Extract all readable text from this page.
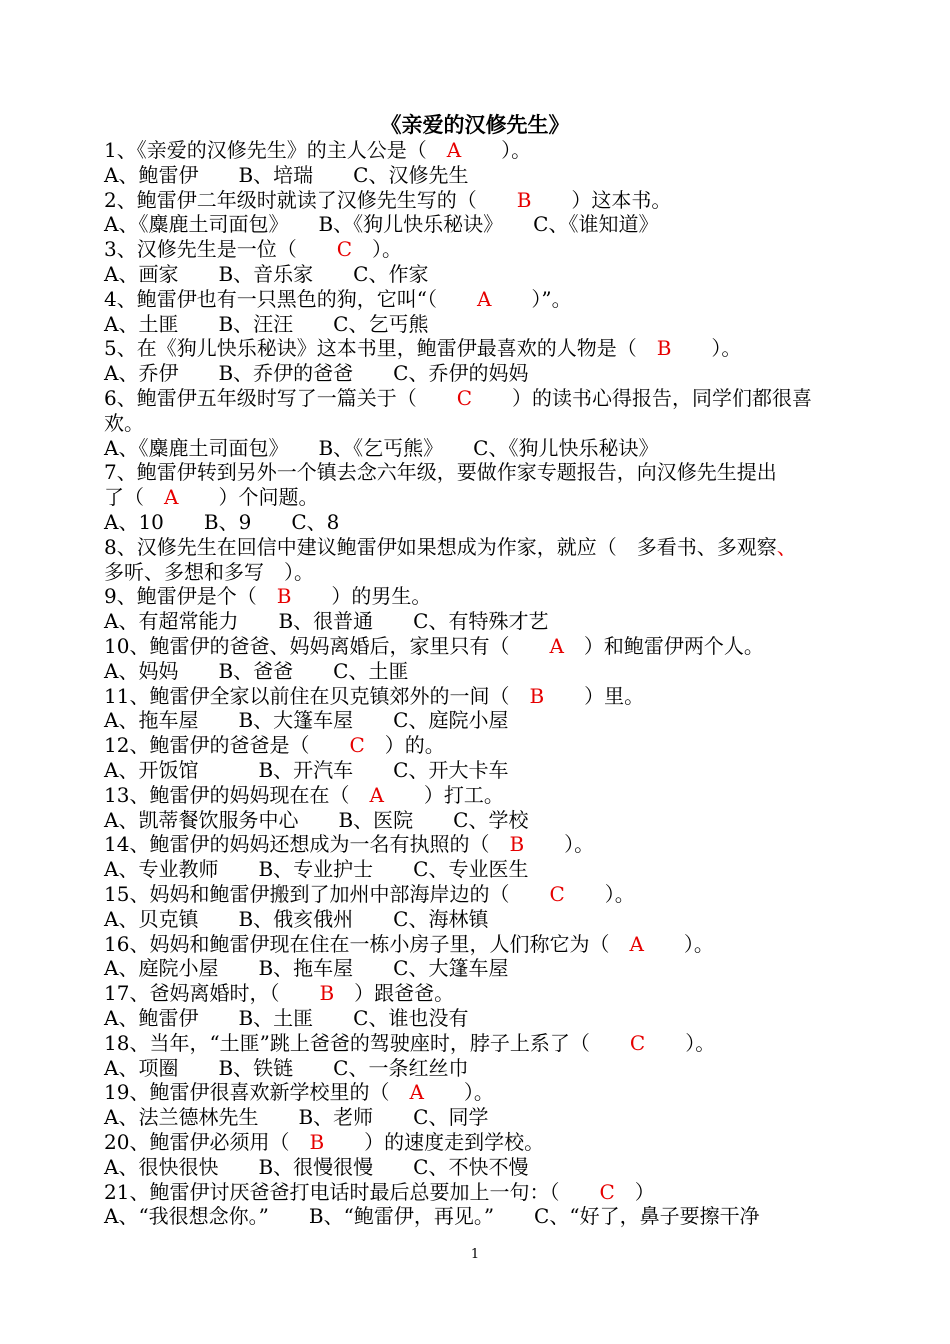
《亲爱的汉修先生》
1、《亲爱的汉修先生》的主人公是（　A　　）。
A、鲍雷伊　　B、培瑞　　C、汉修先生
2、鲍雷伊二年级时就读了汉修先生写的（　　B　　）这本书。
A、《麋鹿土司面包》　　B、《狗儿快乐秘诀》　　C、《谁知道》
3、汉修先生是一位（　　C　）。
A、画家　　B、音乐家　　C、作家
4、鲍雷伊也有一只黑色的狗，它叫“（　　A　　）”。
A、土匪　　B、汪汪　　C、乞丐熊
5、在《狗儿快乐秘诀》这本书里，鲍雷伊最喜欢的人物是（　B　　）。
A、乔伊　　B、乔伊的爸爸　　C、乔伊的妈妈
6、鲍雷伊五年级时写了一篇关于（　　C　　）的读书心得报告，同学们都很喜
欢。
A、《麋鹿土司面包》　　B、《乞丐熊》　　C、《狗儿快乐秘诀》
7、鲍雷伊转到另外一个镇去念六年级，要做作家专题报告，向汉修先生提出
了（　A　　）个问题。
A、10　　B、9　　C、8
8、汉修先生在回信中建议鲍雷伊如果想成为作家，就应（　多看书、多观察、
多听、多想和多写　）。
9、鲍雷伊是个（　B　　）的男生。
A、有超常能力　　B、很普通　　C、有特殊才艺
10、鲍雷伊的爸爸、妈妈离婚后，家里只有（　　A　）和鲍雷伊两个人。
A、妈妈　　B、爸爸　　C、土匪
11、鲍雷伊全家以前住在贝克镇郊外的一间（　B　　）里。
A、拖车屋　　B、大篷车屋　　C、庭院小屋
12、鲍雷伊的爸爸是（　　C　）的。
A、开饭馆　　　B、开汽车　　C、开大卡车
13、鲍雷伊的妈妈现在在（　A　　）打工。
A、凯蒂餐饮服务中心　　B、医院　　C、学校
14、鲍雷伊的妈妈还想成为一名有执照的（　B　　）。
A、专业教师　　B、专业护士　　C、专业医生
15、妈妈和鲍雷伊搬到了加州中部海岸边的（　　C　　）。
A、贝克镇　　B、俄亥俄州　　C、海林镇
16、妈妈和鲍雷伊现在住在一栋小房子里，人们称它为（　A　　）。
A、庭院小屋　　B、拖车屋　　C、大篷车屋
17、爸妈离婚时，（　　B　）跟爸爸。
A、鲍雷伊　　B、土匪　　C、谁也没有
18、当年，“土匪”跳上爸爸的驾驶座时，脖子上系了（　　C　　）。
A、项圈　　B、铁链　　C、一条红丝巾
19、鲍雷伊很喜欢新学校里的（　A　　）。
A、法兰德林先生　　B、老师　　C、同学
20、鲍雷伊必须用（　B　　）的速度走到学校。
A、很快很快　　B、很慢很慢　　C、不快不慢
21、鲍雷伊讨厌爸爸打电话时最后总要加上一句：（　　C　）
A、“我很想念你。”　　B、“鲍雷伊，再见。”　　C、“好了，鼻子要擦干净
1
